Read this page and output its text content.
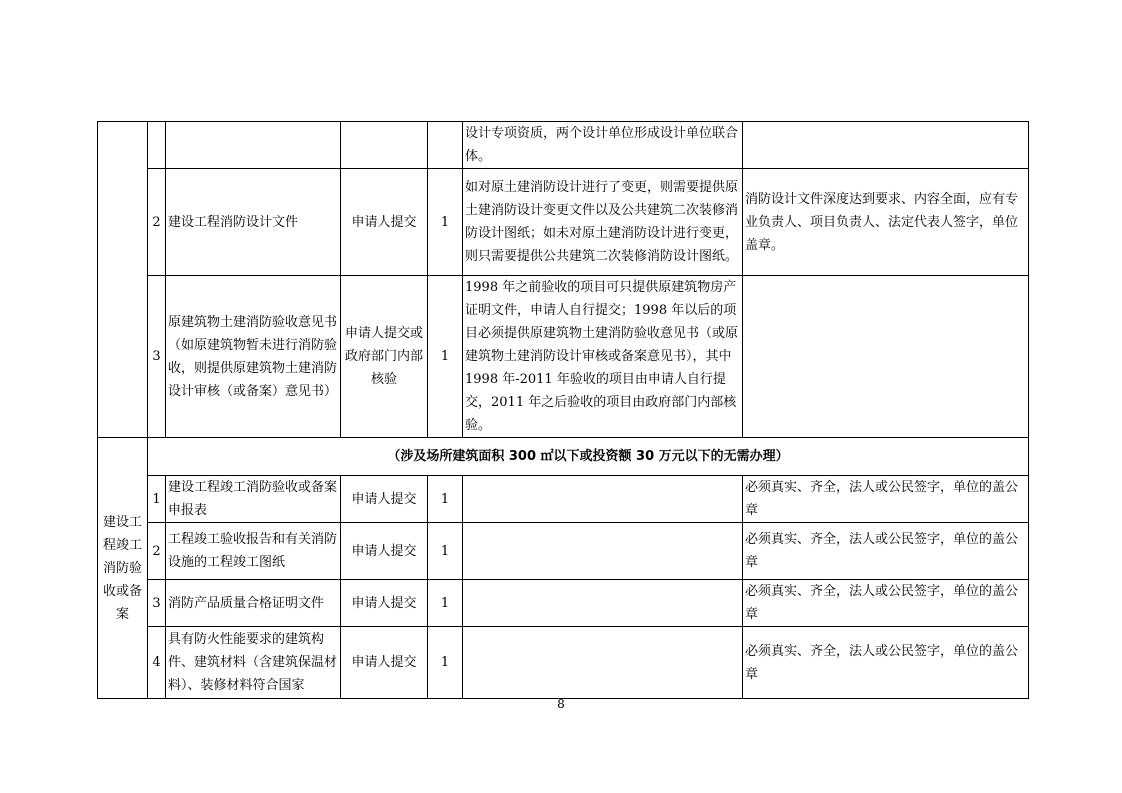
					设计专项资质，两个设计单位形成设计单位联合体。	
	2	建设工程消防设计文件	申请人提交	1	如对原土建消防设计进行了变更，则需要提供原土建消防设计变更文件以及公共建筑二次装修消防设计图纸；如未对原土建消防设计进行变更，则只需要提供公共建筑二次装修消防设计图纸。	消防设计文件深度达到要求、内容全面，应有专业负责人、项目负责人、法定代表人签字，单位盖章。
	3	原建筑物土建消防验收意见书（如原建筑物暂未进行消防验收，则提供原建筑物土建消防设计审核（或备案）意见书）	申请人提交或政府部门内部核验	1	1998 年之前验收的项目可只提供原建筑物房产证明文件，申请人自行提交；1998 年以后的项目必须提供原建筑物土建消防验收意见书（或原建筑物土建消防设计审核或备案意见书），其中 1998 年-2011 年验收的项目由申请人自行提交，2011 年之后验收的项目由政府部门内部核验。	
建设工程竣工消防验收或备案	（涉及场所建筑面积 300 ㎡以下或投资额 30 万元以下的无需办理）					
	1	建设工程竣工消防验收或备案申报表	申请人提交	1		必须真实、齐全，法人或公民签字，单位的盖公章
	2	工程竣工验收报告和有关消防设施的工程竣工图纸	申请人提交	1		必须真实、齐全，法人或公民签字，单位的盖公章
	3	消防产品质量合格证明文件	申请人提交	1		必须真实、齐全，法人或公民签字，单位的盖公章
	4	具有防火性能要求的建筑构件、建筑材料（含建筑保温材料）、装修材料符合国家	申请人提交	1		必须真实、齐全，法人或公民签字，单位的盖公章
8
